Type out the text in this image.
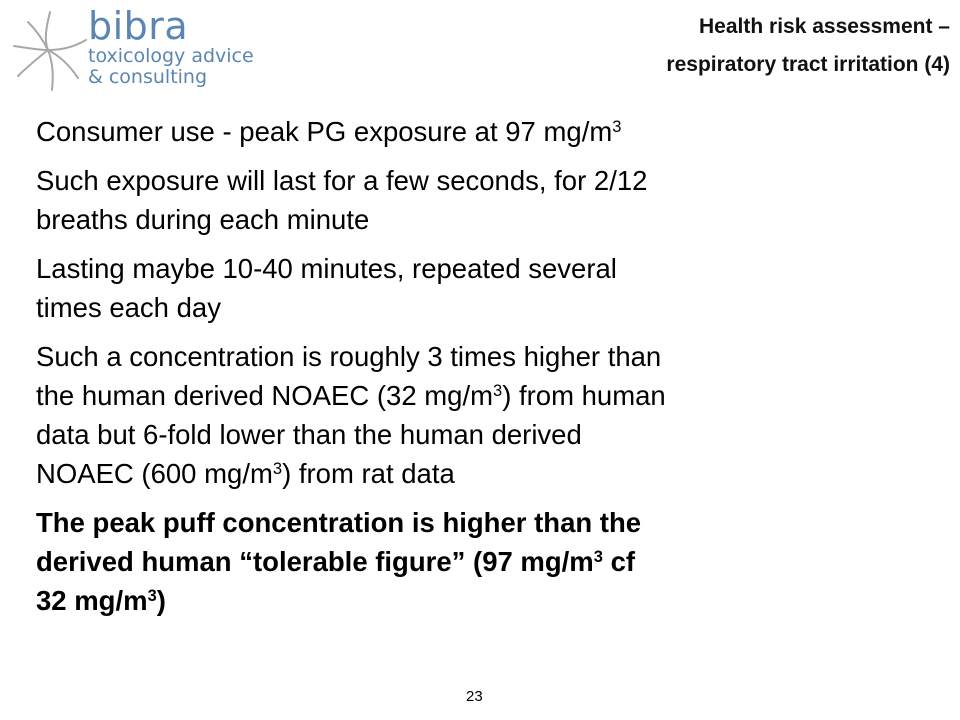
bibra
toxicology advice
& consulting
Health risk assessment –
respiratory tract irritation (4)
Consumer use - peak PG exposure at 97 $mg/m^3$
Such exposure will last for a few seconds, for 2/12
breaths during each minute
Lasting maybe 10-40 minutes, repeated several
times each day
Such a concentration is roughly 3 times higher than
the human derived NOAEC (32 $mg/m^3$) from human
data but 6-fold lower than the human derived
NOAEC (600 $mg/m^3$) from rat data
The peak puff concentration is higher than the
derived human “tolerable figure” (97 $mg/m^3$ cf
32 $mg/m^3$)
23
